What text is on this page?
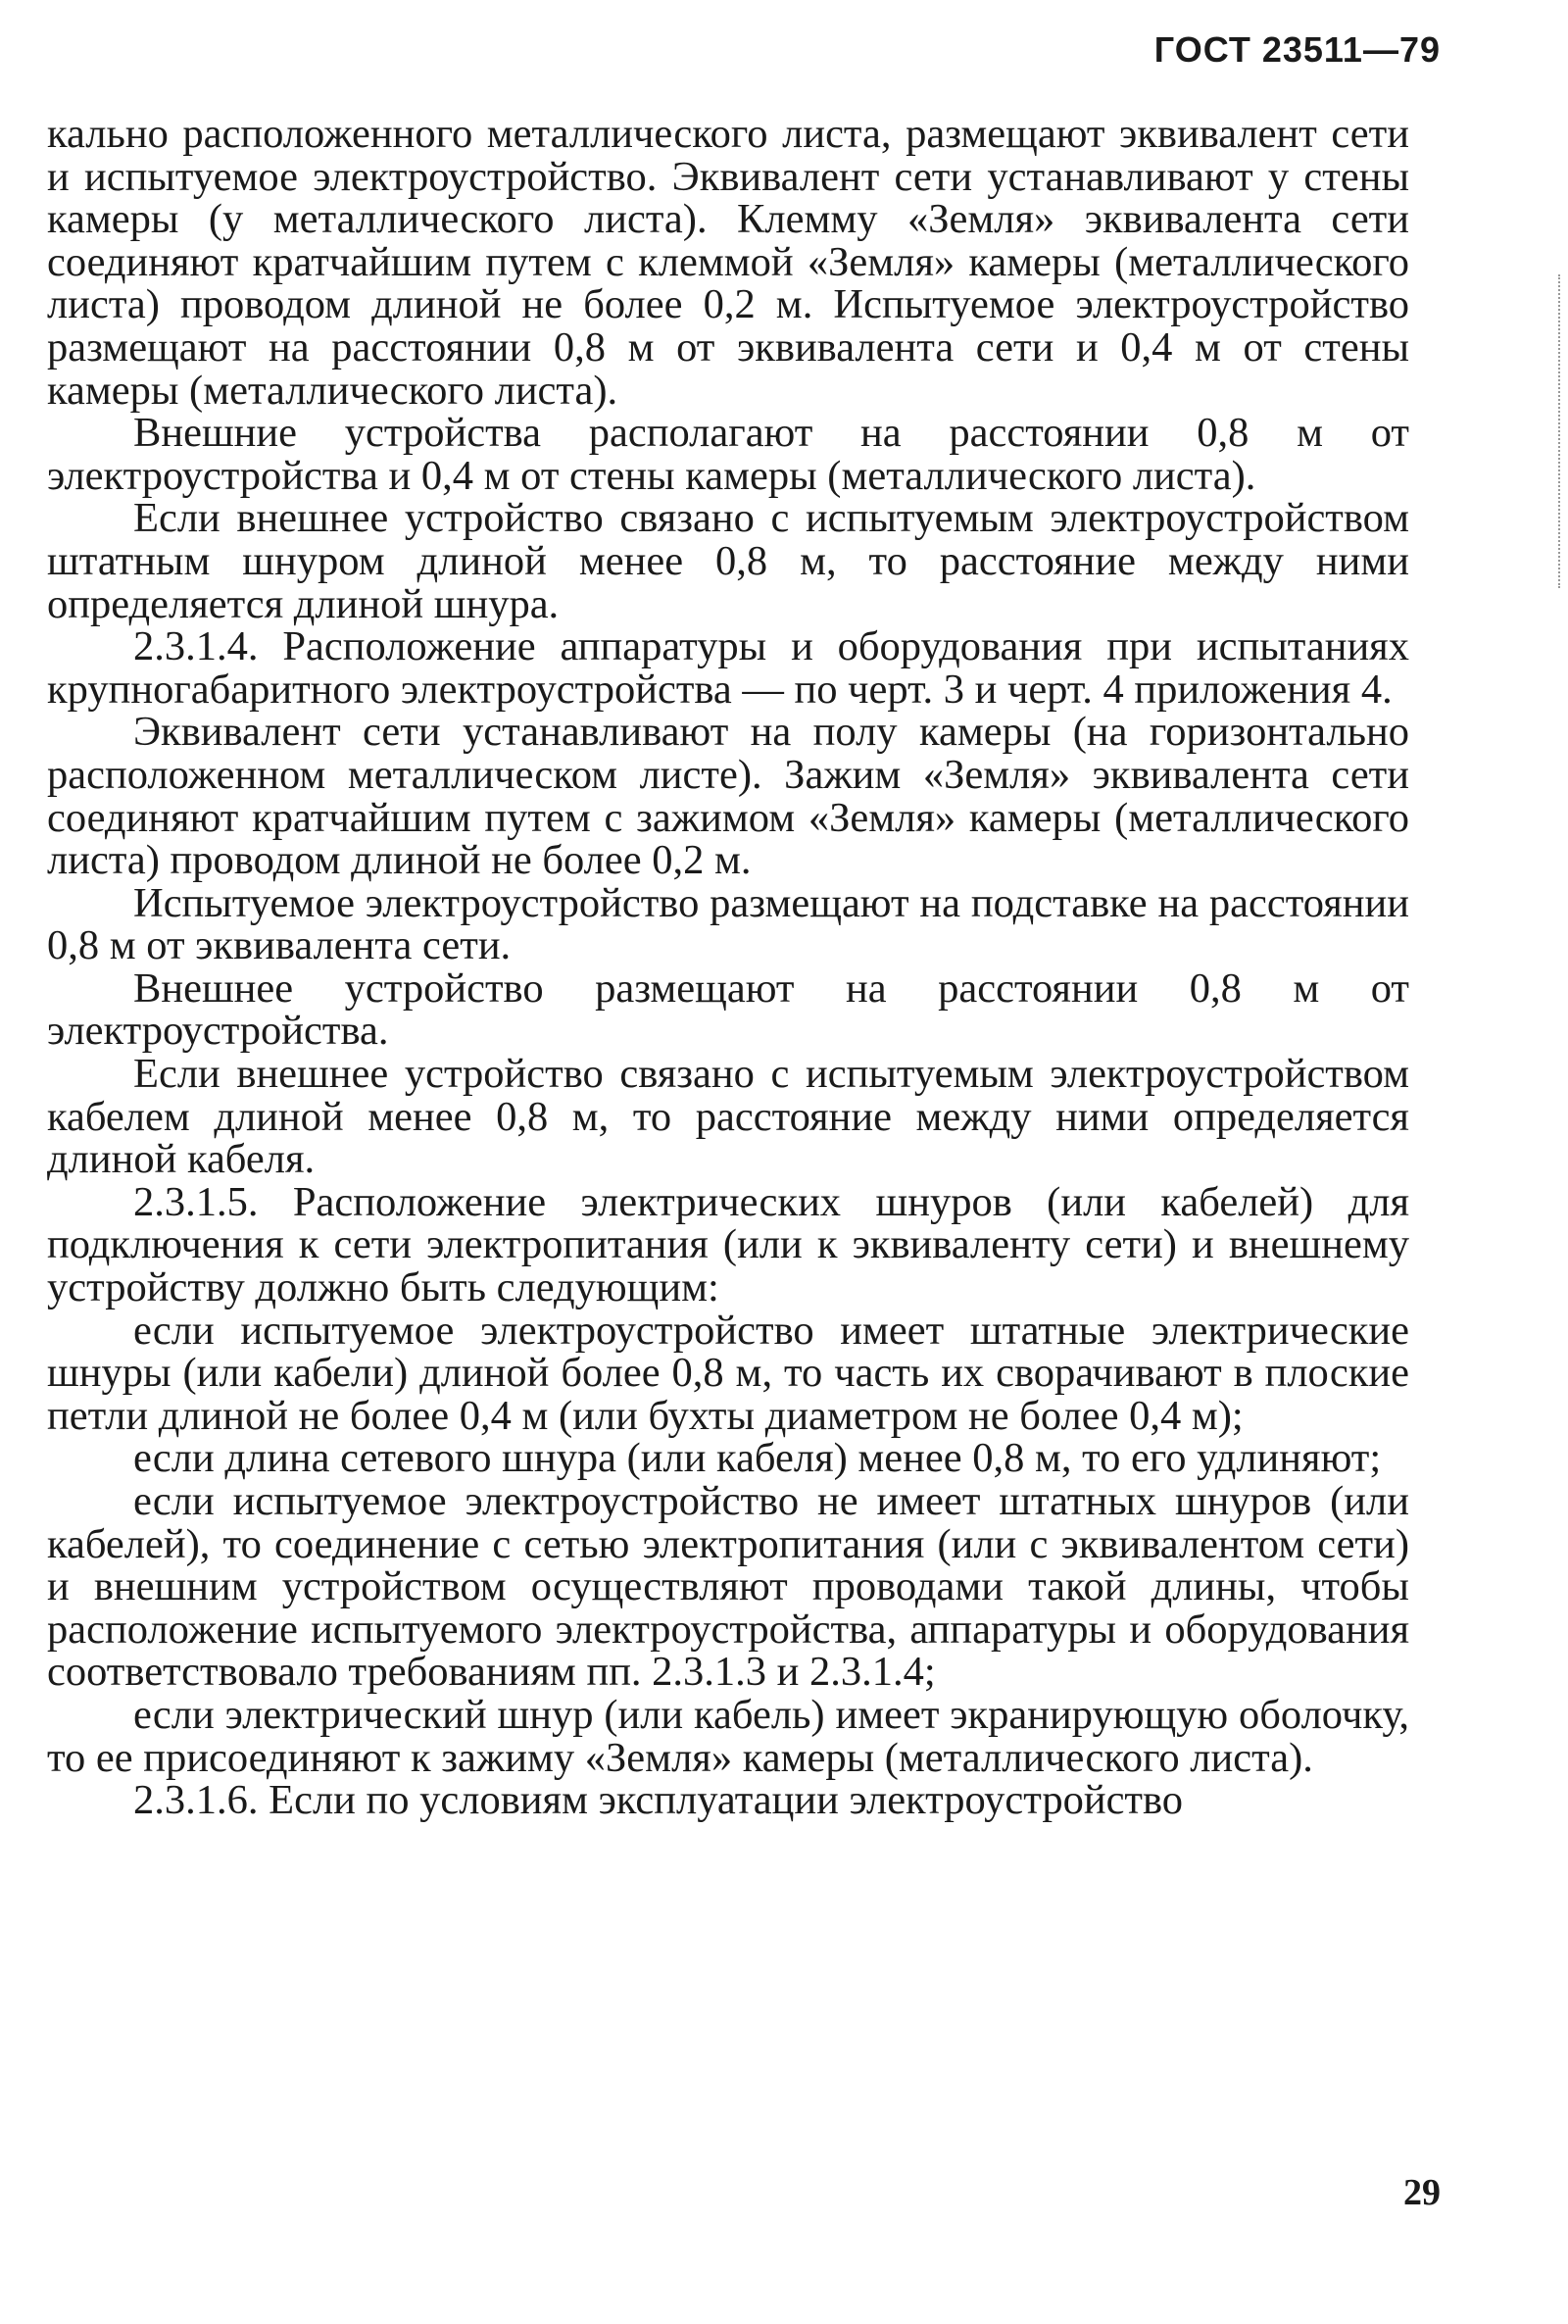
ГОСТ 23511—79

кально расположенного металлического листа, размещают эквивалент сети и испытуемое электроустройство. Эквивалент сети устанавливают у стены камеры (у металлического листа). Клемму «Земля» эквивалента сети соединяют кратчайшим путем с клеммой «Земля» камеры (металлического листа) проводом длиной не более 0,2 м. Испытуемое электроустройство размещают на расстоянии 0,8 м от эквивалента сети и 0,4 м от стены камеры (металлического листа).

Внешние устройства располагают на расстоянии 0,8 м от электроустройства и 0,4 м от стены камеры (металлического листа).

Если внешнее устройство связано с испытуемым электроустройством штатным шнуром длиной менее 0,8 м, то расстояние между ними определяется длиной шнура.

2.3.1.4. Расположение аппаратуры и оборудования при испытаниях крупногабаритного электроустройства — по черт. 3 и черт. 4 приложения 4.

Эквивалент сети устанавливают на полу камеры (на горизонтально расположенном металлическом листе). Зажим «Земля» эквивалента сети соединяют кратчайшим путем с зажимом «Земля» камеры (металлического листа) проводом длиной не более 0,2 м.

Испытуемое электроустройство размещают на подставке на расстоянии 0,8 м от эквивалента сети.

Внешнее устройство размещают на расстоянии 0,8 м от электроустройства.

Если внешнее устройство связано с испытуемым электроустройством кабелем длиной менее 0,8 м, то расстояние между ними определяется длиной кабеля.

2.3.1.5. Расположение электрических шнуров (или кабелей) для подключения к сети электропитания (или к эквиваленту сети) и внешнему устройству должно быть следующим:

если испытуемое электроустройство имеет штатные электрические шнуры (или кабели) длиной более 0,8 м, то часть их сворачивают в плоские петли длиной не более 0,4 м (или бухты диаметром не более 0,4 м);

если длина сетевого шнура (или кабеля) менее 0,8 м, то его удлиняют;

если испытуемое электроустройство не имеет штатных шнуров (или кабелей), то соединение с сетью электропитания (или с эквивалентом сети) и внешним устройством осуществляют проводами такой длины, чтобы расположение испытуемого электроустройства, аппаратуры и оборудования соответствовало требованиям пп. 2.3.1.3 и 2.3.1.4;

если электрический шнур (или кабель) имеет экранирующую оболочку, то ее присоединяют к зажиму «Земля» камеры (металлического листа).

2.3.1.6. Если по условиям эксплуатации электроустройство

29
